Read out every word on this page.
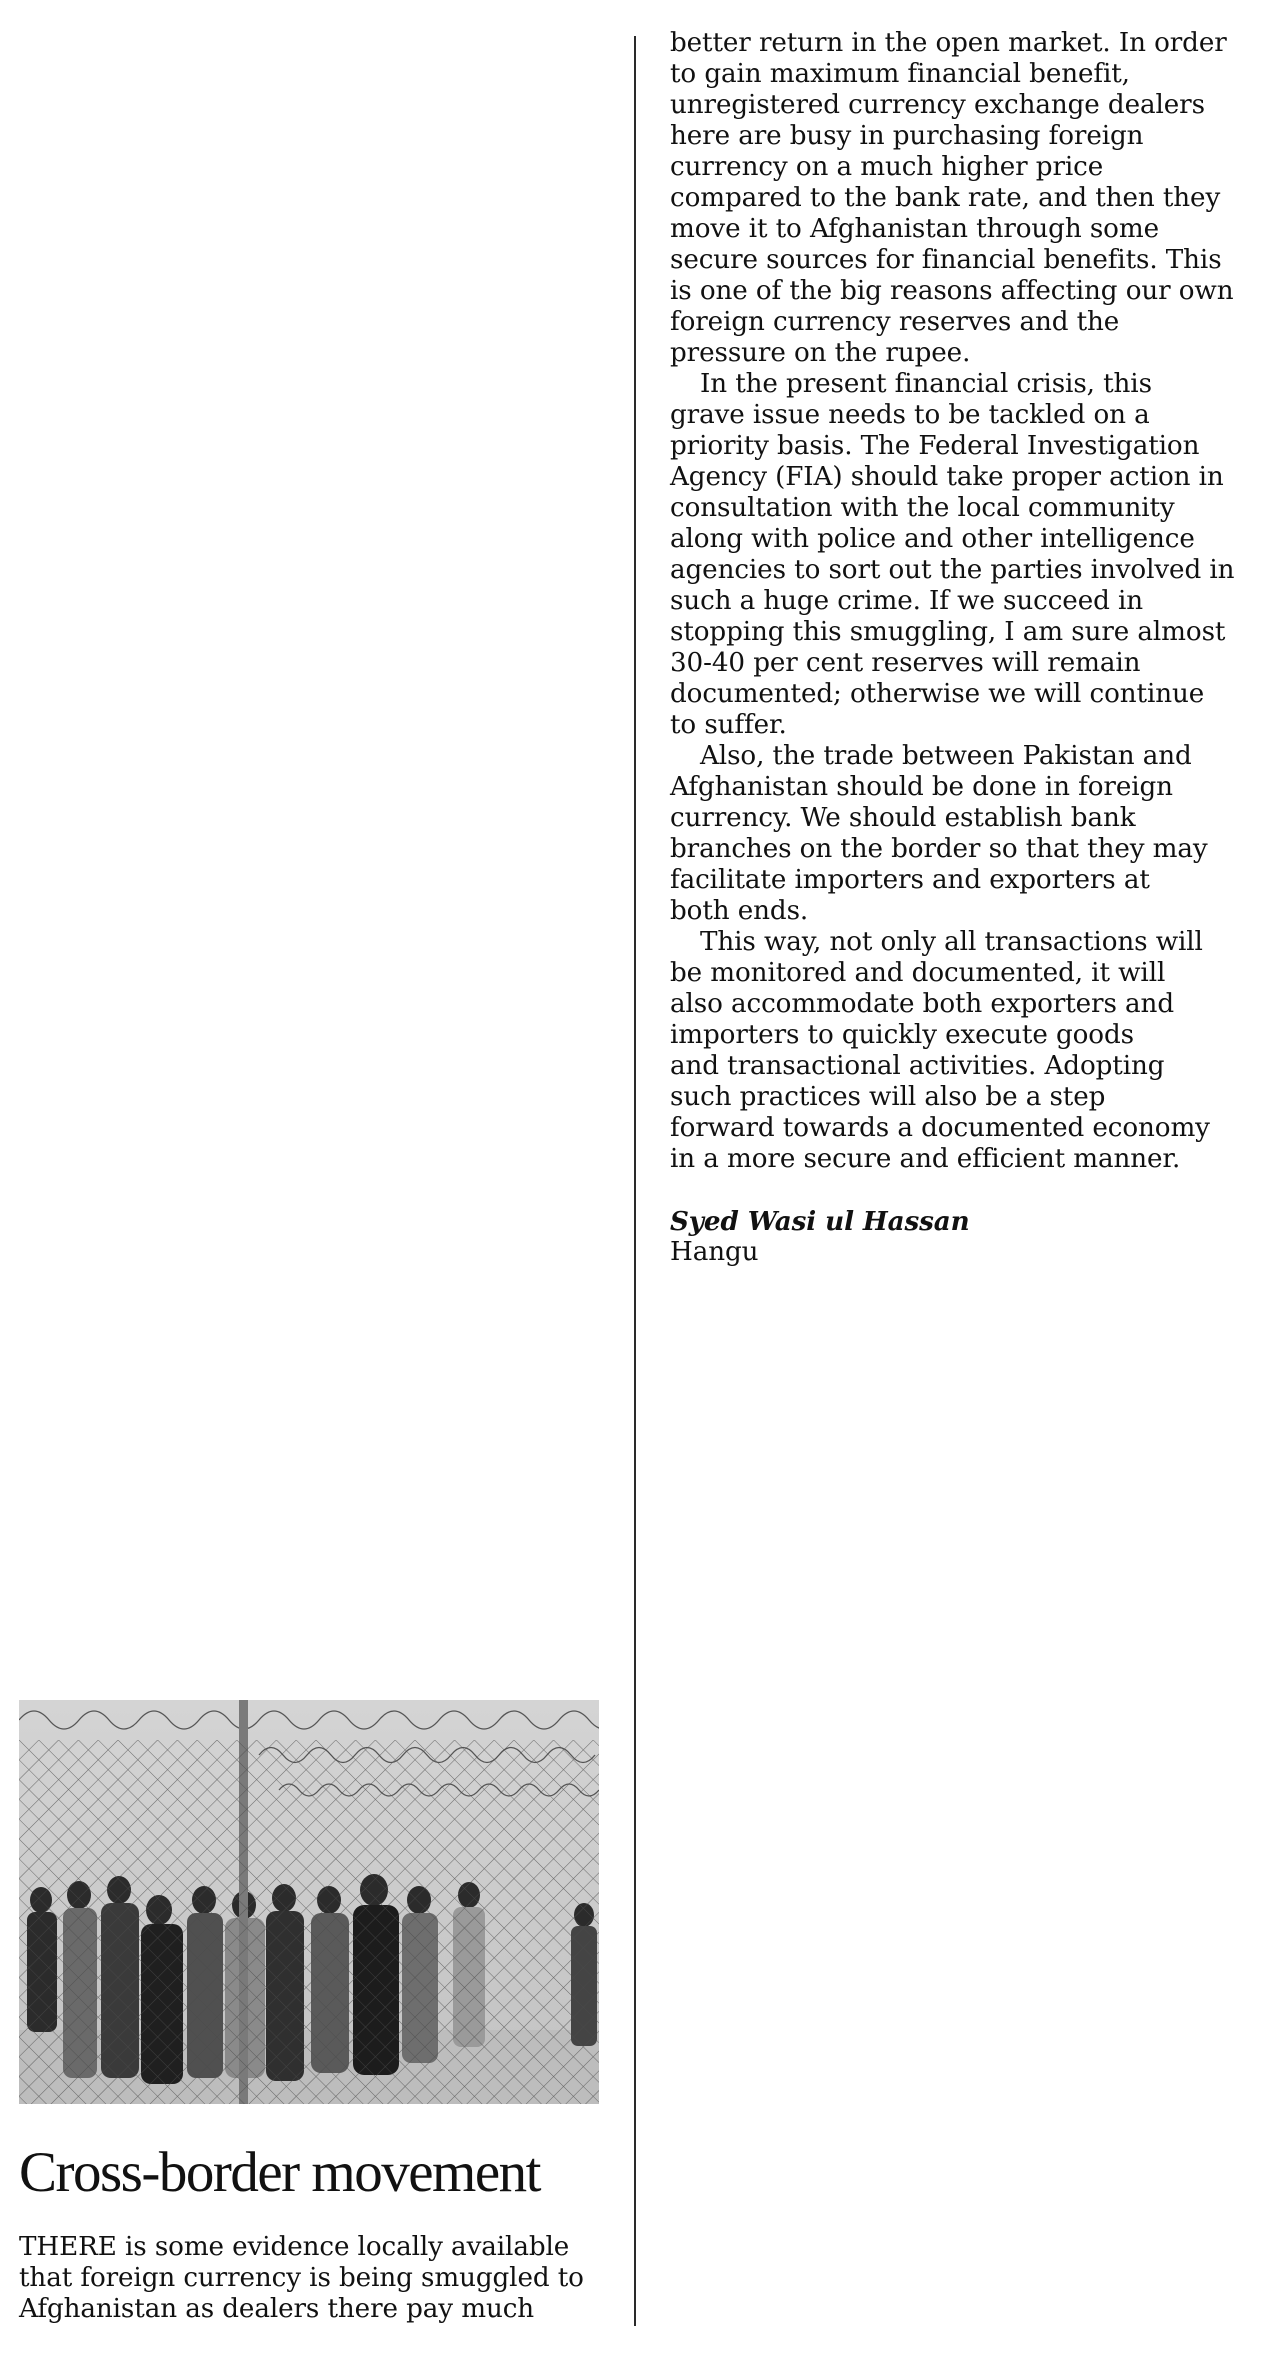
Cross-border movement
THERE is some evidence locally available
that foreign currency is being smuggled to
Afghanistan as dealers there pay much
better return in the open market. In order
to gain maximum financial benefit,
unregistered currency exchange dealers
here are busy in purchasing foreign
currency on a much higher price
compared to the bank rate, and then they
move it to Afghanistan through some
secure sources for financial benefits. This
is one of the big reasons affecting our own
foreign currency reserves and the
pressure on the rupee.
In the present financial crisis, this
grave issue needs to be tackled on a
priority basis. The Federal Investigation
Agency (FIA) should take proper action in
consultation with the local community
along with police and other intelligence
agencies to sort out the parties involved in
such a huge crime. If we succeed in
stopping this smuggling, I am sure almost
30-40 per cent reserves will remain
documented; otherwise we will continue
to suffer.
Also, the trade between Pakistan and
Afghanistan should be done in foreign
currency. We should establish bank
branches on the border so that they may
facilitate importers and exporters at
both ends.
This way, not only all transactions will
be monitored and documented, it will
also accommodate both exporters and
importers to quickly execute goods
and transactional activities. Adopting
such practices will also be a step
forward towards a documented economy
in a more secure and efficient manner.
Syed Wasi ul Hassan
Hangu
